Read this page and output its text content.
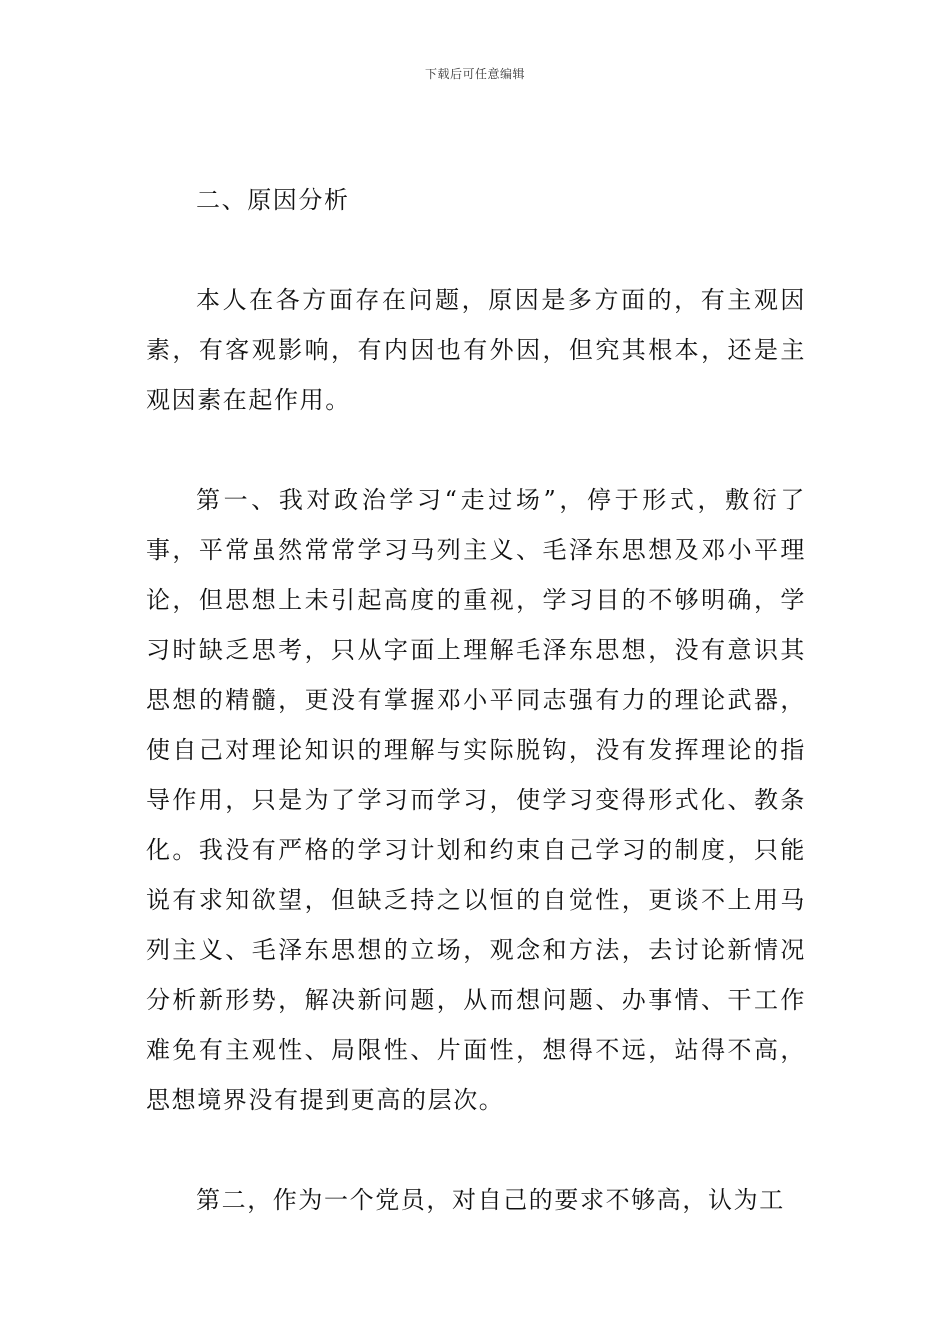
下载后可任意编辑
二、原因分析

本人在各方面存在问题，原因是多方面的，有主观因素，有客观影响，有内因也有外因，但究其根本，还是主观因素在起作用。

第一、我对政治学习“走过场”，停于形式，敷衍了事，平常虽然常常学习马列主义、毛泽东思想及邓小平理论，但思想上未引起高度的重视，学习目的不够明确，学习时缺乏思考，只从字面上理解毛泽东思想，没有意识其思想的精髓，更没有掌握邓小平同志强有力的理论武器，使自己对理论知识的理解与实际脱钩，没有发挥理论的指导作用，只是为了学习而学习，使学习变得形式化、教条化。我没有严格的学习计划和约束自己学习的制度，只能说有求知欲望，但缺乏持之以恒的自觉性，更谈不上用马列主义、毛泽东思想的立场，观念和方法，去讨论新情况分析新形势，解决新问题，从而想问题、办事情、干工作难免有主观性、局限性、片面性，想得不远，站得不高，思想境界没有提到更高的层次。

第二，作为一个党员，对自己的要求不够高，认为工
